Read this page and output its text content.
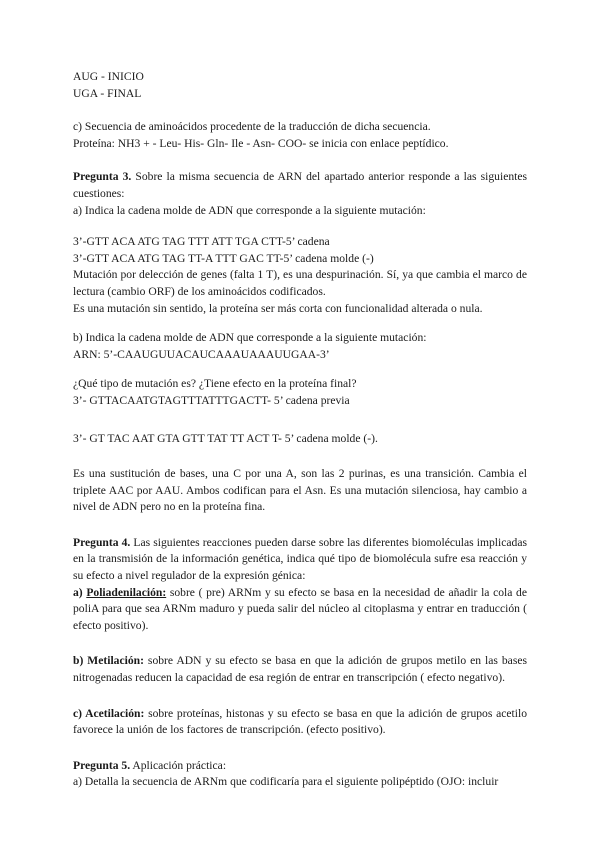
AUG - INICIO

UGA - FINAL

c) Secuencia de aminoácidos procedente de la traducción de dicha secuencia.

Proteína: NH3 + - Leu- His- Gln- Ile - Asn- COO- se inicia con enlace peptídico.

Pregunta 3. Sobre la misma secuencia de ARN del apartado anterior responde a las siguientes cuestiones:

a) Indica la cadena molde de ADN que corresponde a la siguiente mutación:

3’-GTT ACA ATG TAG TTT ATT TGA CTT-5’ cadena

3’-GTT ACA ATG TAG TT-A TTT GAC TT-5’ cadena molde (-)

Mutación por delección de genes (falta 1 T), es una despurinación. Sí, ya que cambia el marco de lectura (cambio ORF) de los aminoácidos codificados.

Es una mutación sin sentido, la proteína ser más corta con funcionalidad alterada o nula.

b) Indica la cadena molde de ADN que corresponde a la siguiente mutación:

ARN: 5’-CAAUGUUACAUCAAAUAAAUUGAA-3’

¿Qué tipo de mutación es? ¿Tiene efecto en la proteína final?

3’- GTTACAATGTAGTTTATTTGACTT- 5’ cadena previa

3’- GT TAC AAT GTA GTT TAT TT ACT T- 5’ cadena molde (-).

Es una sustitución de bases, una C por una A, son las 2 purinas, es una transición. Cambia el triplete AAC por AAU. Ambos codifican para el Asn. Es una mutación silenciosa, hay cambio a nivel de ADN pero no en la proteína fina.

Pregunta 4. Las siguientes reacciones pueden darse sobre las diferentes biomoléculas implicadas en la transmisión de la información genética, indica qué tipo de biomolécula sufre esa reacción y su efecto a nivel regulador de la expresión génica:

a) Poliadenilación: sobre ( pre) ARNm y su efecto se basa en la necesidad de añadir la cola de poliA para que sea ARNm maduro y pueda salir del núcleo al citoplasma y entrar en traducción ( efecto positivo).

b) Metilación: sobre ADN y su efecto se basa en que la adición de grupos metilo en las bases nitrogenadas reducen la capacidad de esa región de entrar en transcripción ( efecto negativo).

c) Acetilación: sobre proteínas, histonas y su efecto se basa en que la adición de grupos acetilo favorece la unión de los factores de transcripción. (efecto positivo).

Pregunta 5. Aplicación práctica:

a) Detalla la secuencia de ARNm que codificaría para el siguiente polipéptido (OJO: incluir
